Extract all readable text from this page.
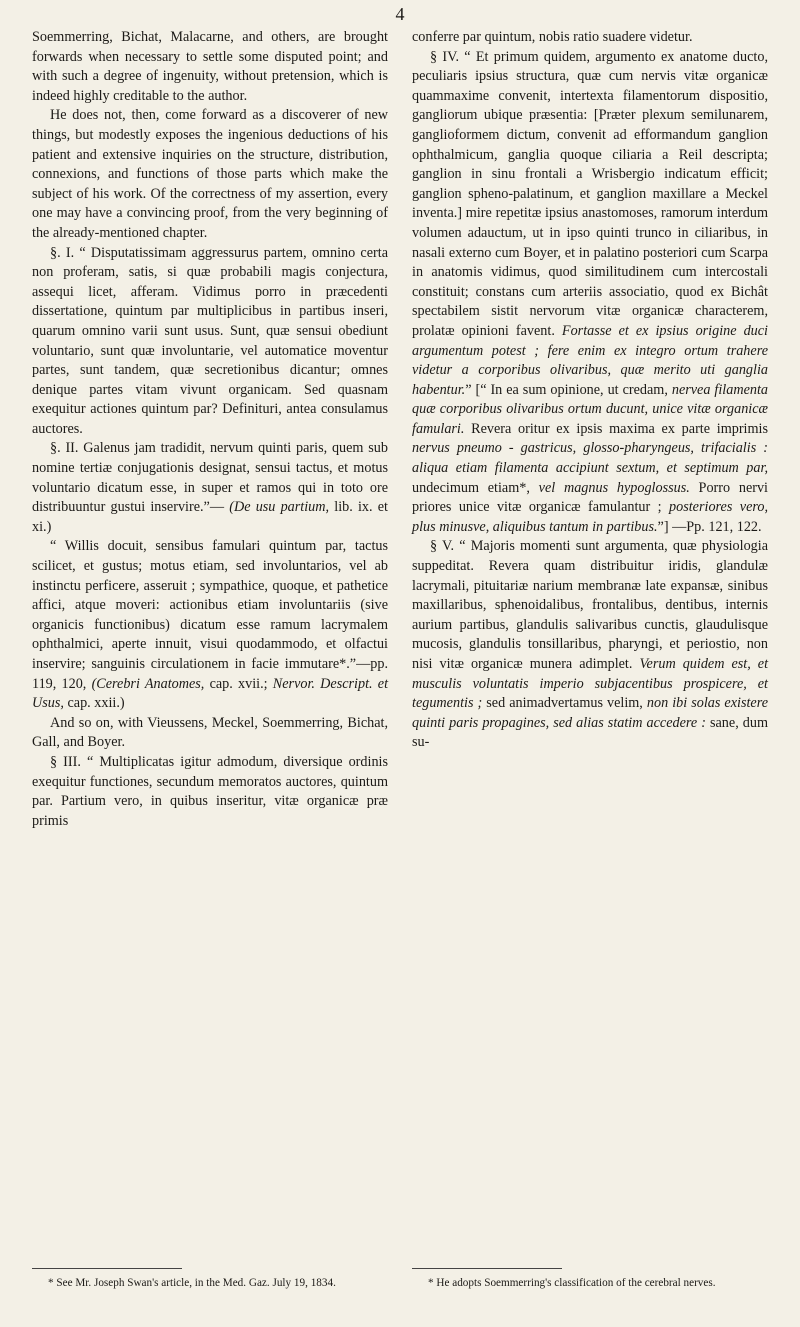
4

Soemmerring, Bichat, Malacarne, and others, are brought forwards when necessary to settle some disputed point; and with such a degree of ingenuity, without pretension, which is indeed highly creditable to the author.

He does not, then, come forward as a discoverer of new things, but modestly exposes the ingenious deductions of his patient and extensive inquiries on the structure, distribution, connexions, and functions of those parts which make the subject of his work. Of the correctness of my assertion, every one may have a convincing proof, from the very beginning of the already-mentioned chapter.

§. I. “ Disputatissimam aggressurus partem, omnino certa non proferam, satis, si quæ probabili magis conjectura, assequi licet, afferam. Vidimus porro in præcedenti dissertatione, quintum par multiplicibus in partibus inseri, quarum omnino varii sunt usus. Sunt, quæ sensui obediunt voluntario, sunt quæ involuntarie, vel automatice moventur partes, sunt tandem, quæ secretionibus dicantur; omnes denique partes vitam vivunt organicam. Sed quasnam exequitur actiones quintum par? Definituri, antea consulamus auctores.

§. II. Galenus jam tradidit, nervum quinti paris, quem sub nomine tertiæ conjugationis designat, sensui tactus, et motus voluntario dicatum esse, in super et ramos qui in toto ore distribuuntur gustui inservire.”— (De usu partium, lib. ix. et xi.)

“ Willis docuit, sensibus famulari quintum par, tactus scilicet, et gustus; motus etiam, sed involuntarios, vel ab instinctu perficere, asseruit ; sympathice, quoque, et pathetice affici, atque moveri: actionibus etiam involuntariis (sive organicis functionibus) dicatum esse ramum lacrymalem ophthalmici, aperte innuit, visui quodammodo, et olfactui inservire; sanguinis circulationem in facie immutare*.”—pp. 119, 120, (Cerebri Anatomes, cap. xvii.; Nervor. Descript. et Usus, cap. xxii.)

And so on, with Vieussens, Meckel, Soemmerring, Bichat, Gall, and Boyer.

§ III. “ Multiplicatas igitur admodum, diversique ordinis exequitur functiones, secundum memoratos auctores, quintum par. Partium vero, in quibus inseritur, vitæ organicæ præ primis

conferre par quintum, nobis ratio suadere videtur.

§ IV. “ Et primum quidem, argumento ex anatome ducto, peculiaris ipsius structura, quæ cum nervis vitæ organicæ quammaxime convenit, intertexta filamentorum dispositio, gangliorum ubique præsentia: [Præter plexum semilunarem, ganglioformem dictum, convenit ad efformandum ganglion ophthalmicum, ganglia quoque ciliaria a Reil descripta; ganglion in sinu frontali a Wrisbergio indicatum efficit; ganglion spheno-palatinum, et ganglion maxillare a Meckel inventa.] mire repetitæ ipsius anastomoses, ramorum interdum volumen adauctum, ut in ipso quinti trunco in ciliaribus, in nasali externo cum Boyer, et in palatino posteriori cum Scarpa in anatomis vidimus, quod similitudinem cum intercostali constituit; constans cum arteriis associatio, quod ex Bichât spectabilem sistit nervorum vitæ organicæ characterem, prolatæ opinioni favent. Fortasse et ex ipsius origine duci argumentum potest ; fere enim ex integro ortum trahere videtur a corporibus olivaribus, quæ merito uti ganglia habentur.” [“ In ea sum opinione, ut credam, nervea filamenta quæ corporibus olivaribus ortum ducunt, unice vitæ organicæ famulari. Revera oritur ex ipsis maxima ex parte imprimis nervus pneumo - gastricus, glosso-pharyngeus, trifacialis : aliqua etiam filamenta accipiunt sextum, et septimum par, undecimum etiam*, vel magnus hypoglossus. Porro nervi priores unice vitæ organicæ famulantur ; posteriores vero, plus minusve, aliquibus tantum in partibus.”] —Pp. 121, 122.

§ V. “ Majoris momenti sunt argumenta, quæ physiologia suppeditat. Revera quam distribuitur iridis, glandulæ lacrymali, pituitariæ narium membranæ late expansæ, sinibus maxillaribus, sphenoidalibus, frontalibus, dentibus, internis aurium partibus, glandulis salivaribus cunctis, glaudulisque mucosis, glandulis tonsillaribus, pharyngi, et periostio, non nisi vitæ organicæ munera adimplet. Verum quidem est, et musculis voluntatis imperio subjacentibus prospicere, et tegumentis ; sed animadvertamus velim, non ibi solas existere quinti paris propagines, sed alias statim accedere : sane, dum su-

* See Mr. Joseph Swan's article, in the Med. Gaz. July 19, 1834.	* He adopts Soemmerring's classification of the cerebral nerves.
